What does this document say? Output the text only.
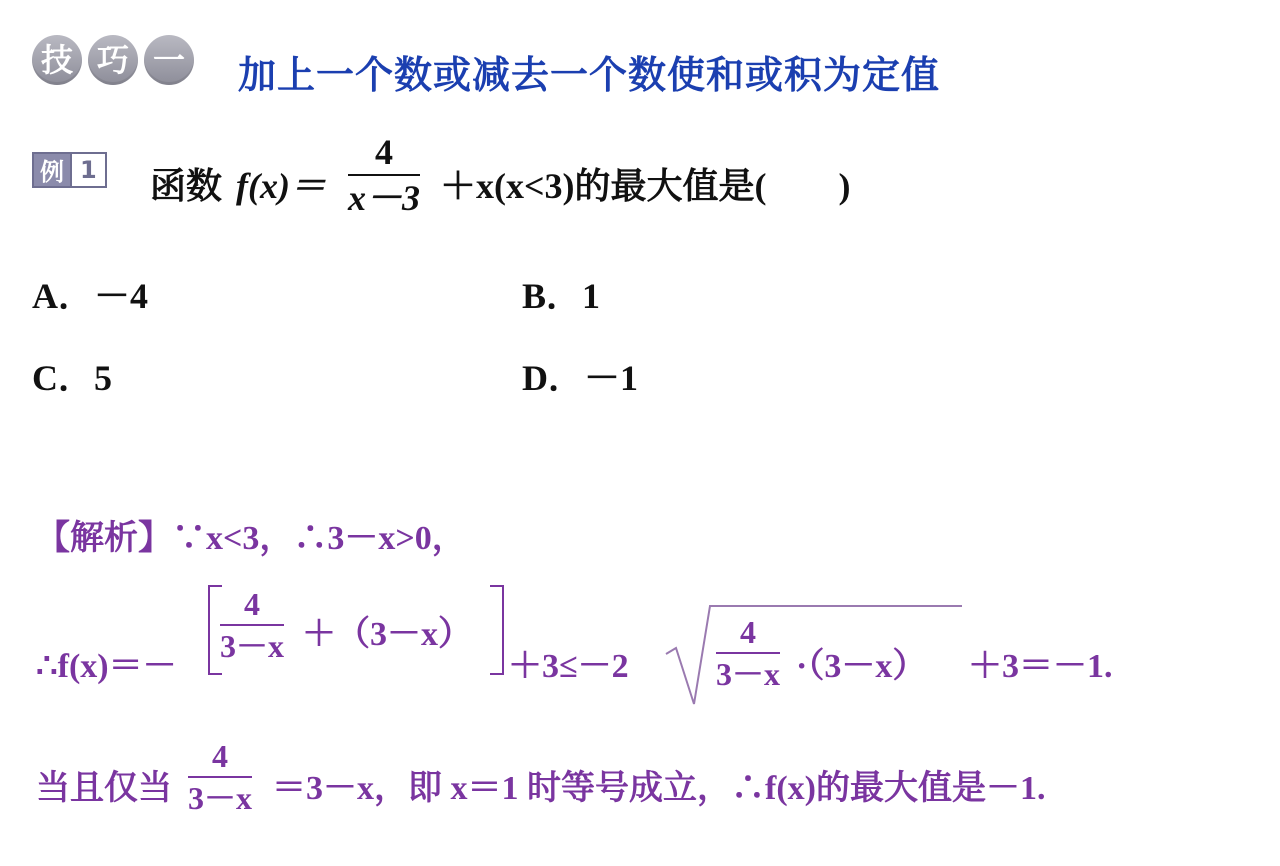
技 巧 一 加上一个数或减去一个数使和或积为定值
例 1 函数 f(x)＝
4
x－3 ＋x(x<3)的最大值是(　　)
A．－4	B．1
C．5	D．－1
【解析】∵x<3，∴3－x>0，
∴f(x)＝－
4
3－x ＋（3－x）
＋3≤－2
4
3－x ·（3－x） ＋3＝－1.
当且仅当
4
3－x ＝3－x，即 x＝1 时等号成立，∴f(x)的最大值是－1.
